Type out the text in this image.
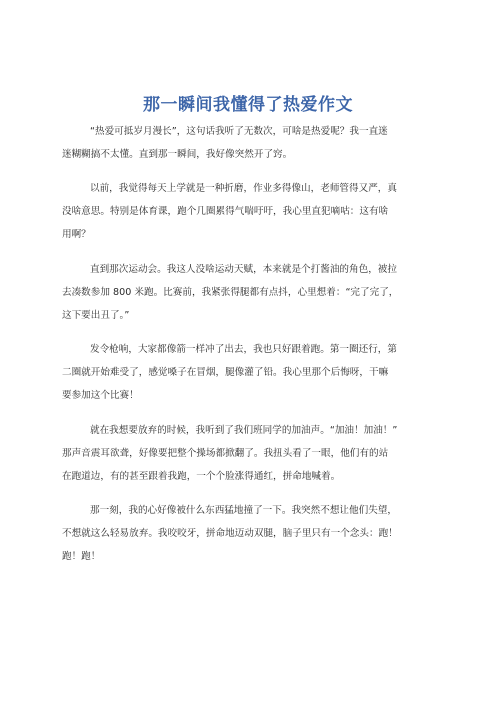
那一瞬间我懂得了热爱作文
“热爱可抵岁月漫长”，这句话我听了无数次，可啥是热爱呢？我一直迷
迷糊糊搞不太懂。直到那一瞬间，我好像突然开了窍。
以前，我觉得每天上学就是一种折磨，作业多得像山，老师管得又严，真
没啥意思。特别是体育课，跑个几圈累得气喘吁吁，我心里直犯嘀咕：这有啥
用啊？
直到那次运动会。我这人没啥运动天赋，本来就是个打酱油的角色，被拉
去凑数参加 800 米跑。比赛前，我紧张得腿都有点抖，心里想着：“完了完了，
这下要出丑了。”
发令枪响，大家都像箭一样冲了出去，我也只好跟着跑。第一圈还行，第
二圈就开始难受了，感觉嗓子在冒烟，腿像灌了铅。我心里那个后悔呀，干嘛
要参加这个比赛！
就在我想要放弃的时候，我听到了我们班同学的加油声。“加油！加油！”
那声音震耳欲聋，好像要把整个操场都掀翻了。我扭头看了一眼，他们有的站
在跑道边，有的甚至跟着我跑，一个个脸涨得通红，拼命地喊着。
那一刻，我的心好像被什么东西猛地撞了一下。我突然不想让他们失望，
不想就这么轻易放弃。我咬咬牙，拼命地迈动双腿，脑子里只有一个念头：跑！
跑！跑！
